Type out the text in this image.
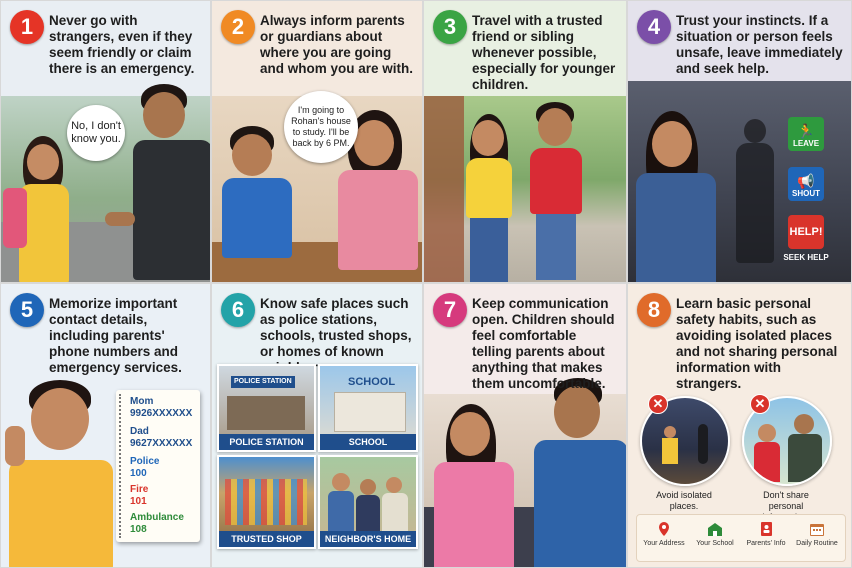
1	Never go with strangers, even if they seem friendly or claim there is an emergency.
No, I don't know you.
2	Always inform parents or guardians about where you are going and whom you are with.
I'm going to Rohan's house to study. I'll be back by 6 PM.
3	Travel with a trusted friend or sibling whenever possible, especially for younger children.
4	Trust your instincts. If a situation or person feels unsafe, leave immediately and seek help.
🏃
LEAVE
📢
SHOUT
HELP!
SEEK HELP
5	Memorize important contact details, including parents' phone numbers and emergency services.
Mom
9926XXXXXX
Dad
9627XXXXXX
Police
100
Fire
101
Ambulance
108
6	Know safe places such as police stations, schools, trusted shops, or homes of known
POLICE STATION
POLICE STATION
SCHOOL
SCHOOL
TRUSTED SHOP	NEIGHBOR'S HOME
7	Keep communication open. Children should feel comfortable telling parents about anything that makes them uncomfortable.
8	Learn basic personal safety habits, such as avoiding isolated places and not sharing personal information with strangers.
✕
Avoid isolated places.
✕
Don't share personal
Your Address	Your School	Parents' Info	Daily Routine
